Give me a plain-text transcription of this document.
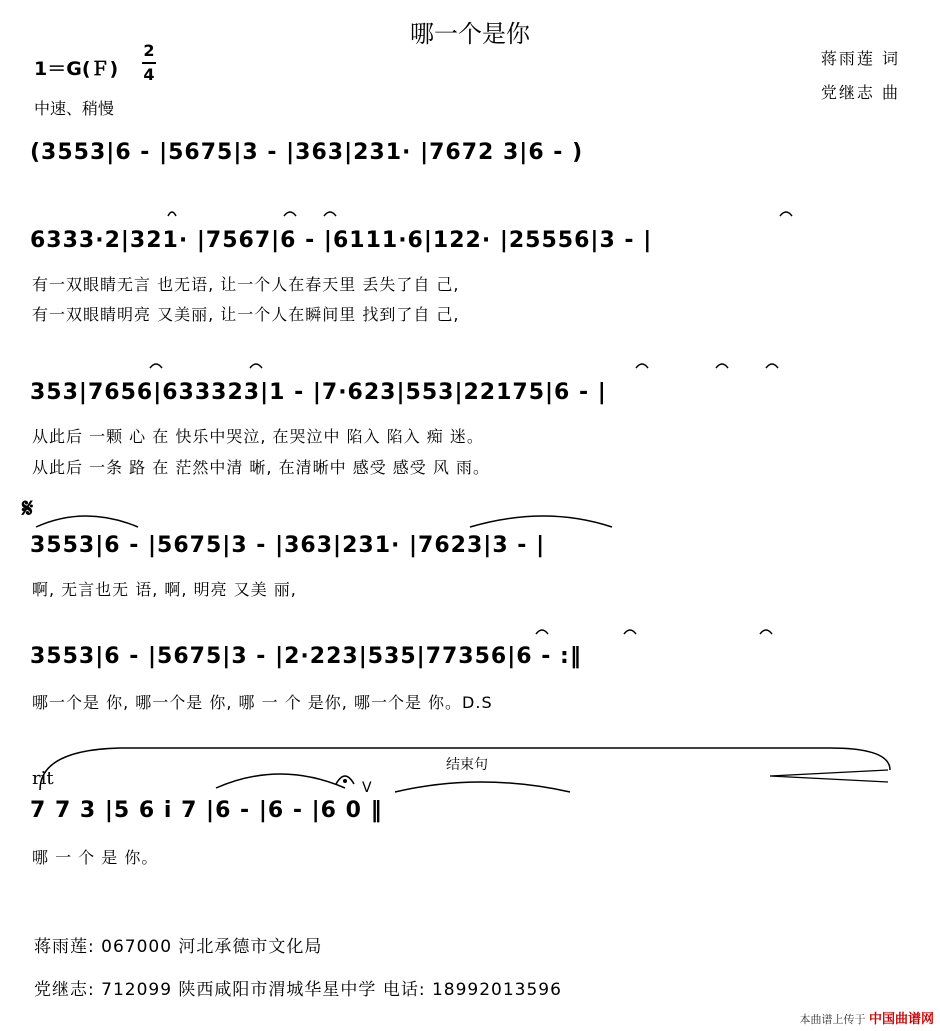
哪一个是你
1＝G(Ｆ)
2
4
中速、稍慢
蒋雨莲 词
党继志 曲
(3553|6 - |5675|3 - |363|231· |7672 3|6 - )
6333·2|321· |7567|6 - |6111·6|122· |25556|3 - |
有一双眼睛无言 也无语, 让一个人在春天里 丢失了自 己,
有一双眼睛明亮 又美丽, 让一个人在瞬间里 找到了自 己,
353|7656|633323|1 - |7·623|553|22175|6 - |
从此后 一颗 心 在 快乐中哭泣, 在哭泣中 陷入 陷入 痴 迷。
从此后 一条 路 在 茫然中清 晰, 在清晰中 感受 感受 风 雨。
𝄋
3553|6 - |5675|3 - |363|231· |7623|3 - |
啊, 无言也无 语, 啊, 明亮 又美 丽,
3553|6 - |5675|3 - |2·223|535|77356|6 - :‖
哪一个是 你, 哪一个是 你, 哪 一 个 是你, 哪一个是 你。D.S
rit
结束句
V
7 7 3 |5 6 i 7 |6 - |6 - |6 0 ‖
哪 一 个 是 你。
蒋雨莲: 067000 河北承德市文化局
党继志: 712099 陕西咸阳市渭城华星中学 电话: 18992013596
本曲谱上传于 中国曲谱网
